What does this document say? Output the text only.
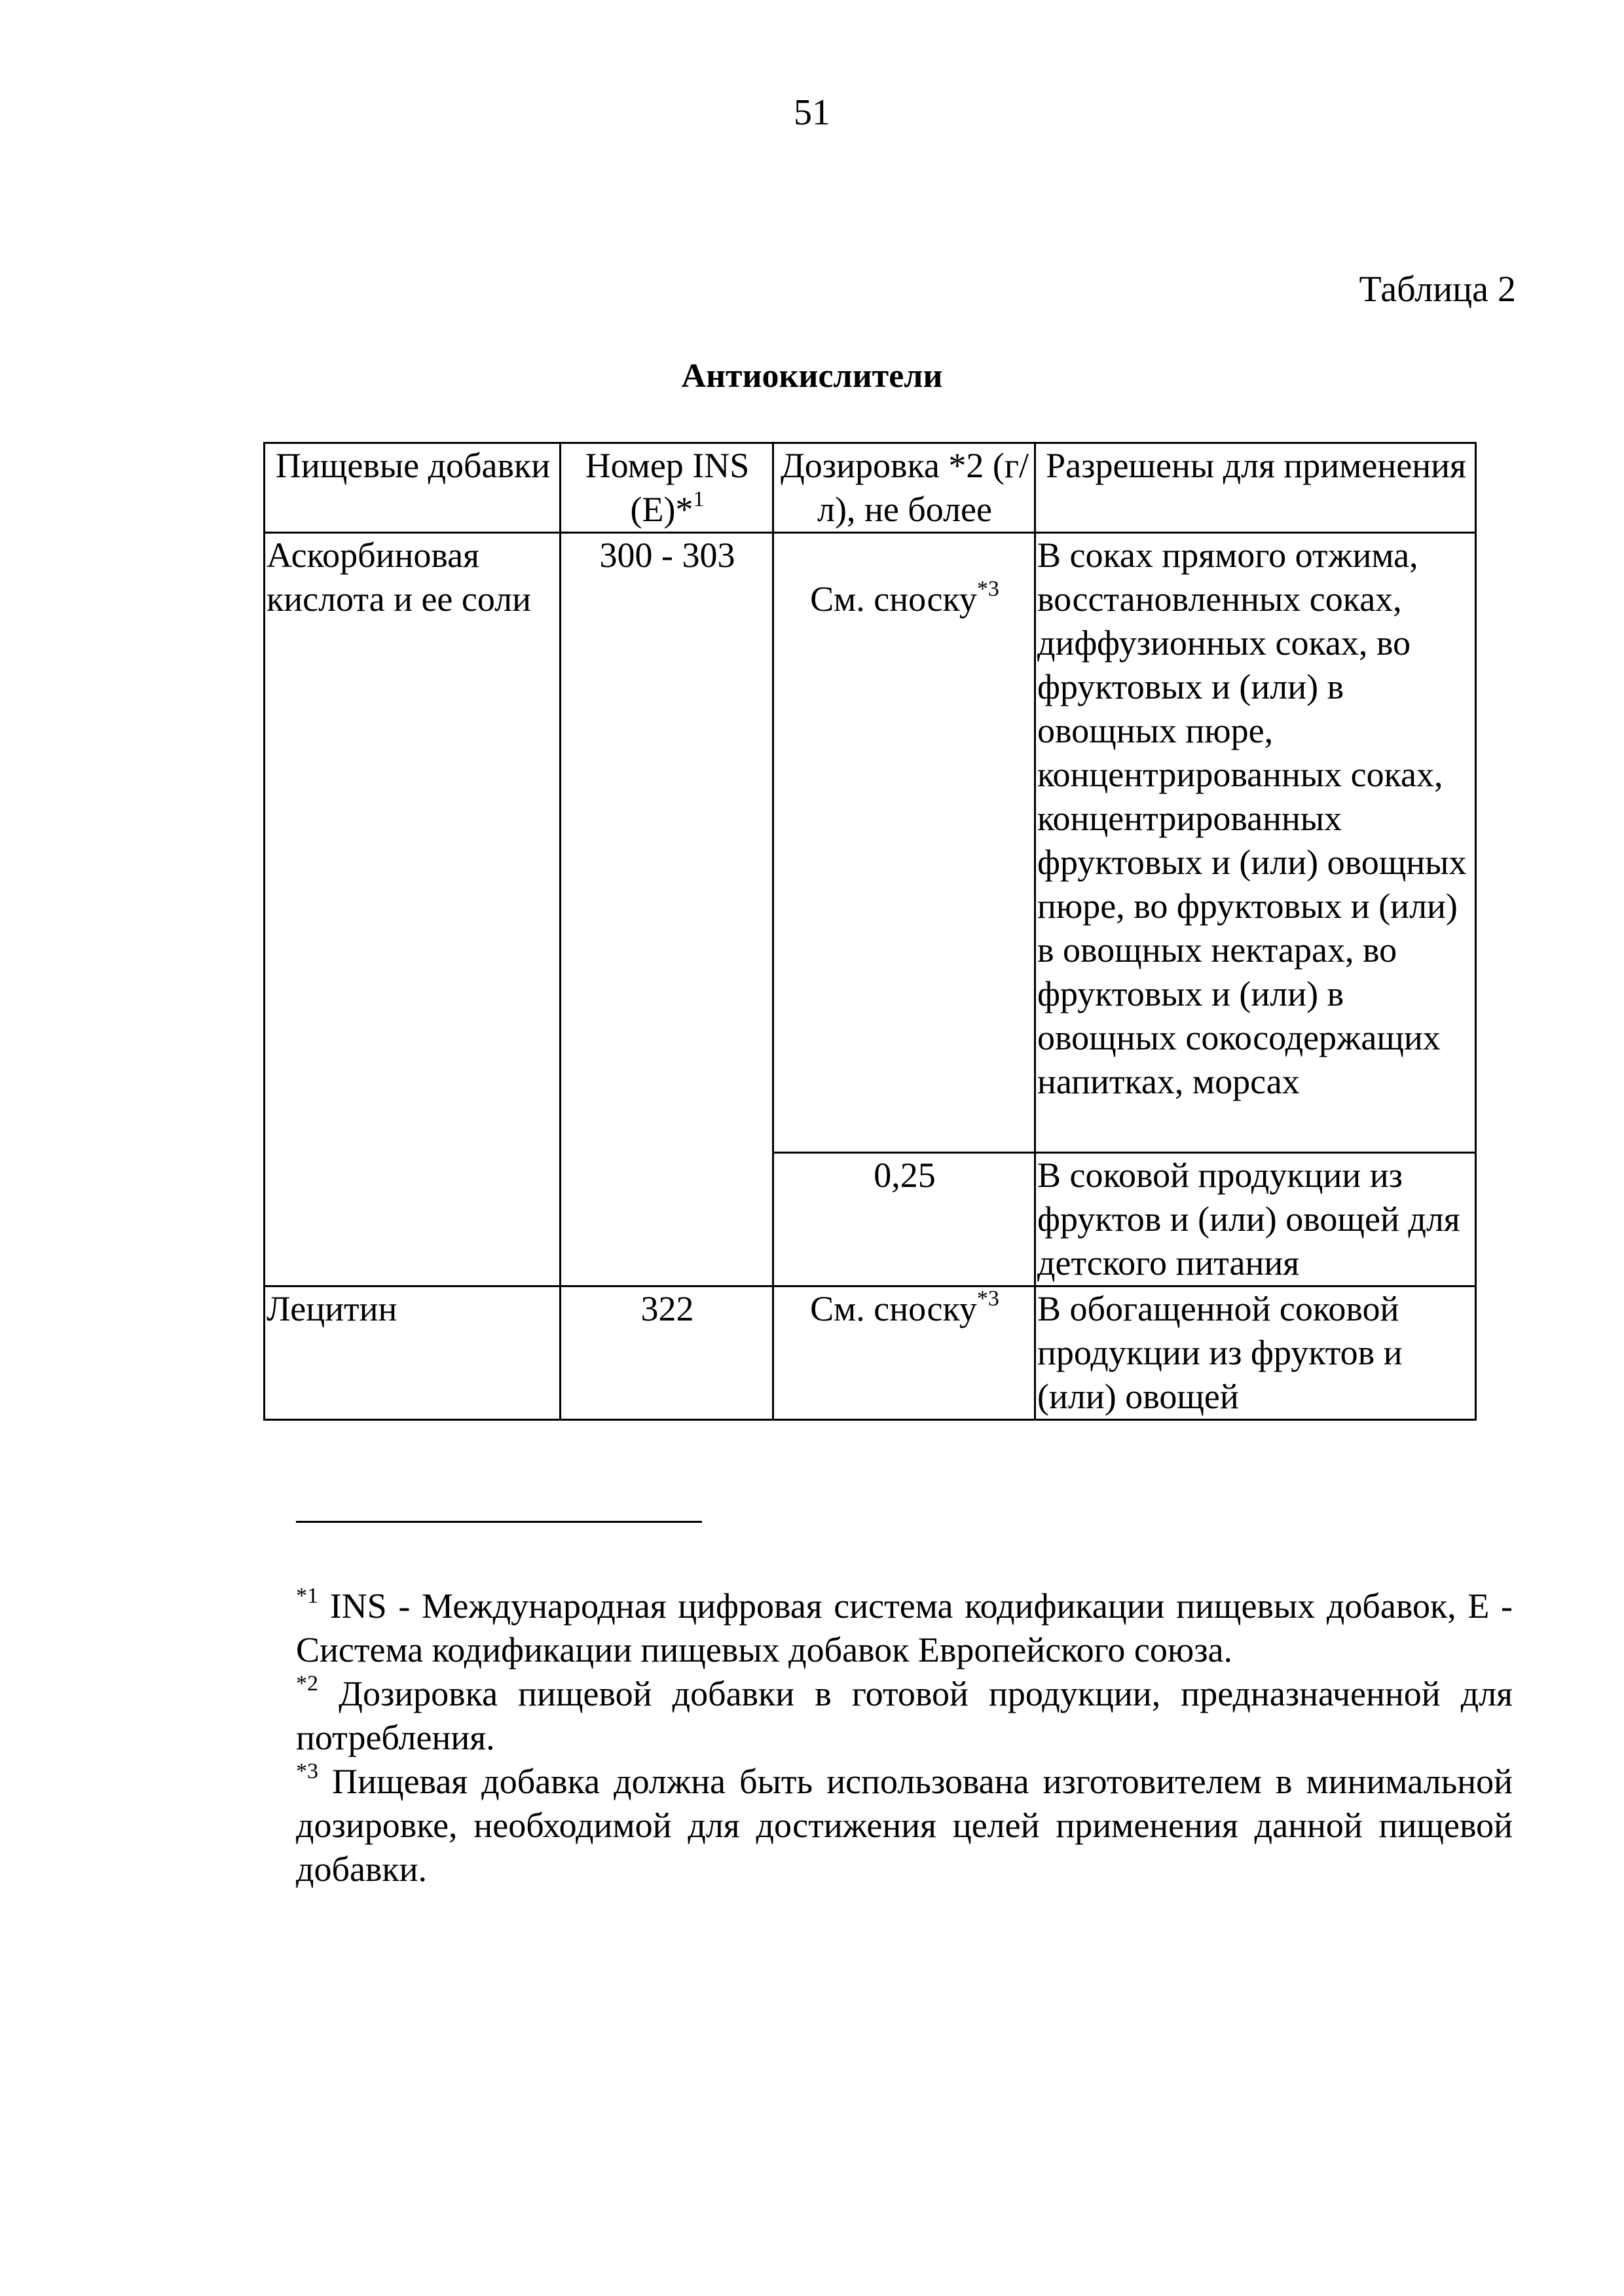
51
Таблица 2
Антиокислители
Пищевые добавки	Номер INS (E)*$^1$	Дозировка *2 (г/л), не более	Разрешены для применения
Аскорбиновая кислота и ее соли	300 - 303	См. сноску$^{*3}$	В соках прямого отжима, восстановленных соках, диффузионных соках, во фруктовых и (или) в овощных пюре, концентрированных соках, концентрированных фруктовых и (или) овощных пюре, во фруктовых и (или) в овощных нектарах, во фруктовых и (или) в овощных сокосодержащих напитках, морсах
		0,25	В соковой продукции из фруктов и (или) овощей для детского питания
Лецитин	322	См. сноску$^{*3}$	В обогащенной соковой продукции из фруктов и (или) овощей

$^{*1}$ INS - Международная цифровая система кодификации пищевых добавок, E - Система кодификации пищевых добавок Европейского союза.

$^{*2}$ Дозировка пищевой добавки в готовой продукции, предназначенной для потребления.

$^{*3}$ Пищевая добавка должна быть использована изготовителем в минимальной дозировке, необходимой для достижения целей применения данной пищевой добавки.
